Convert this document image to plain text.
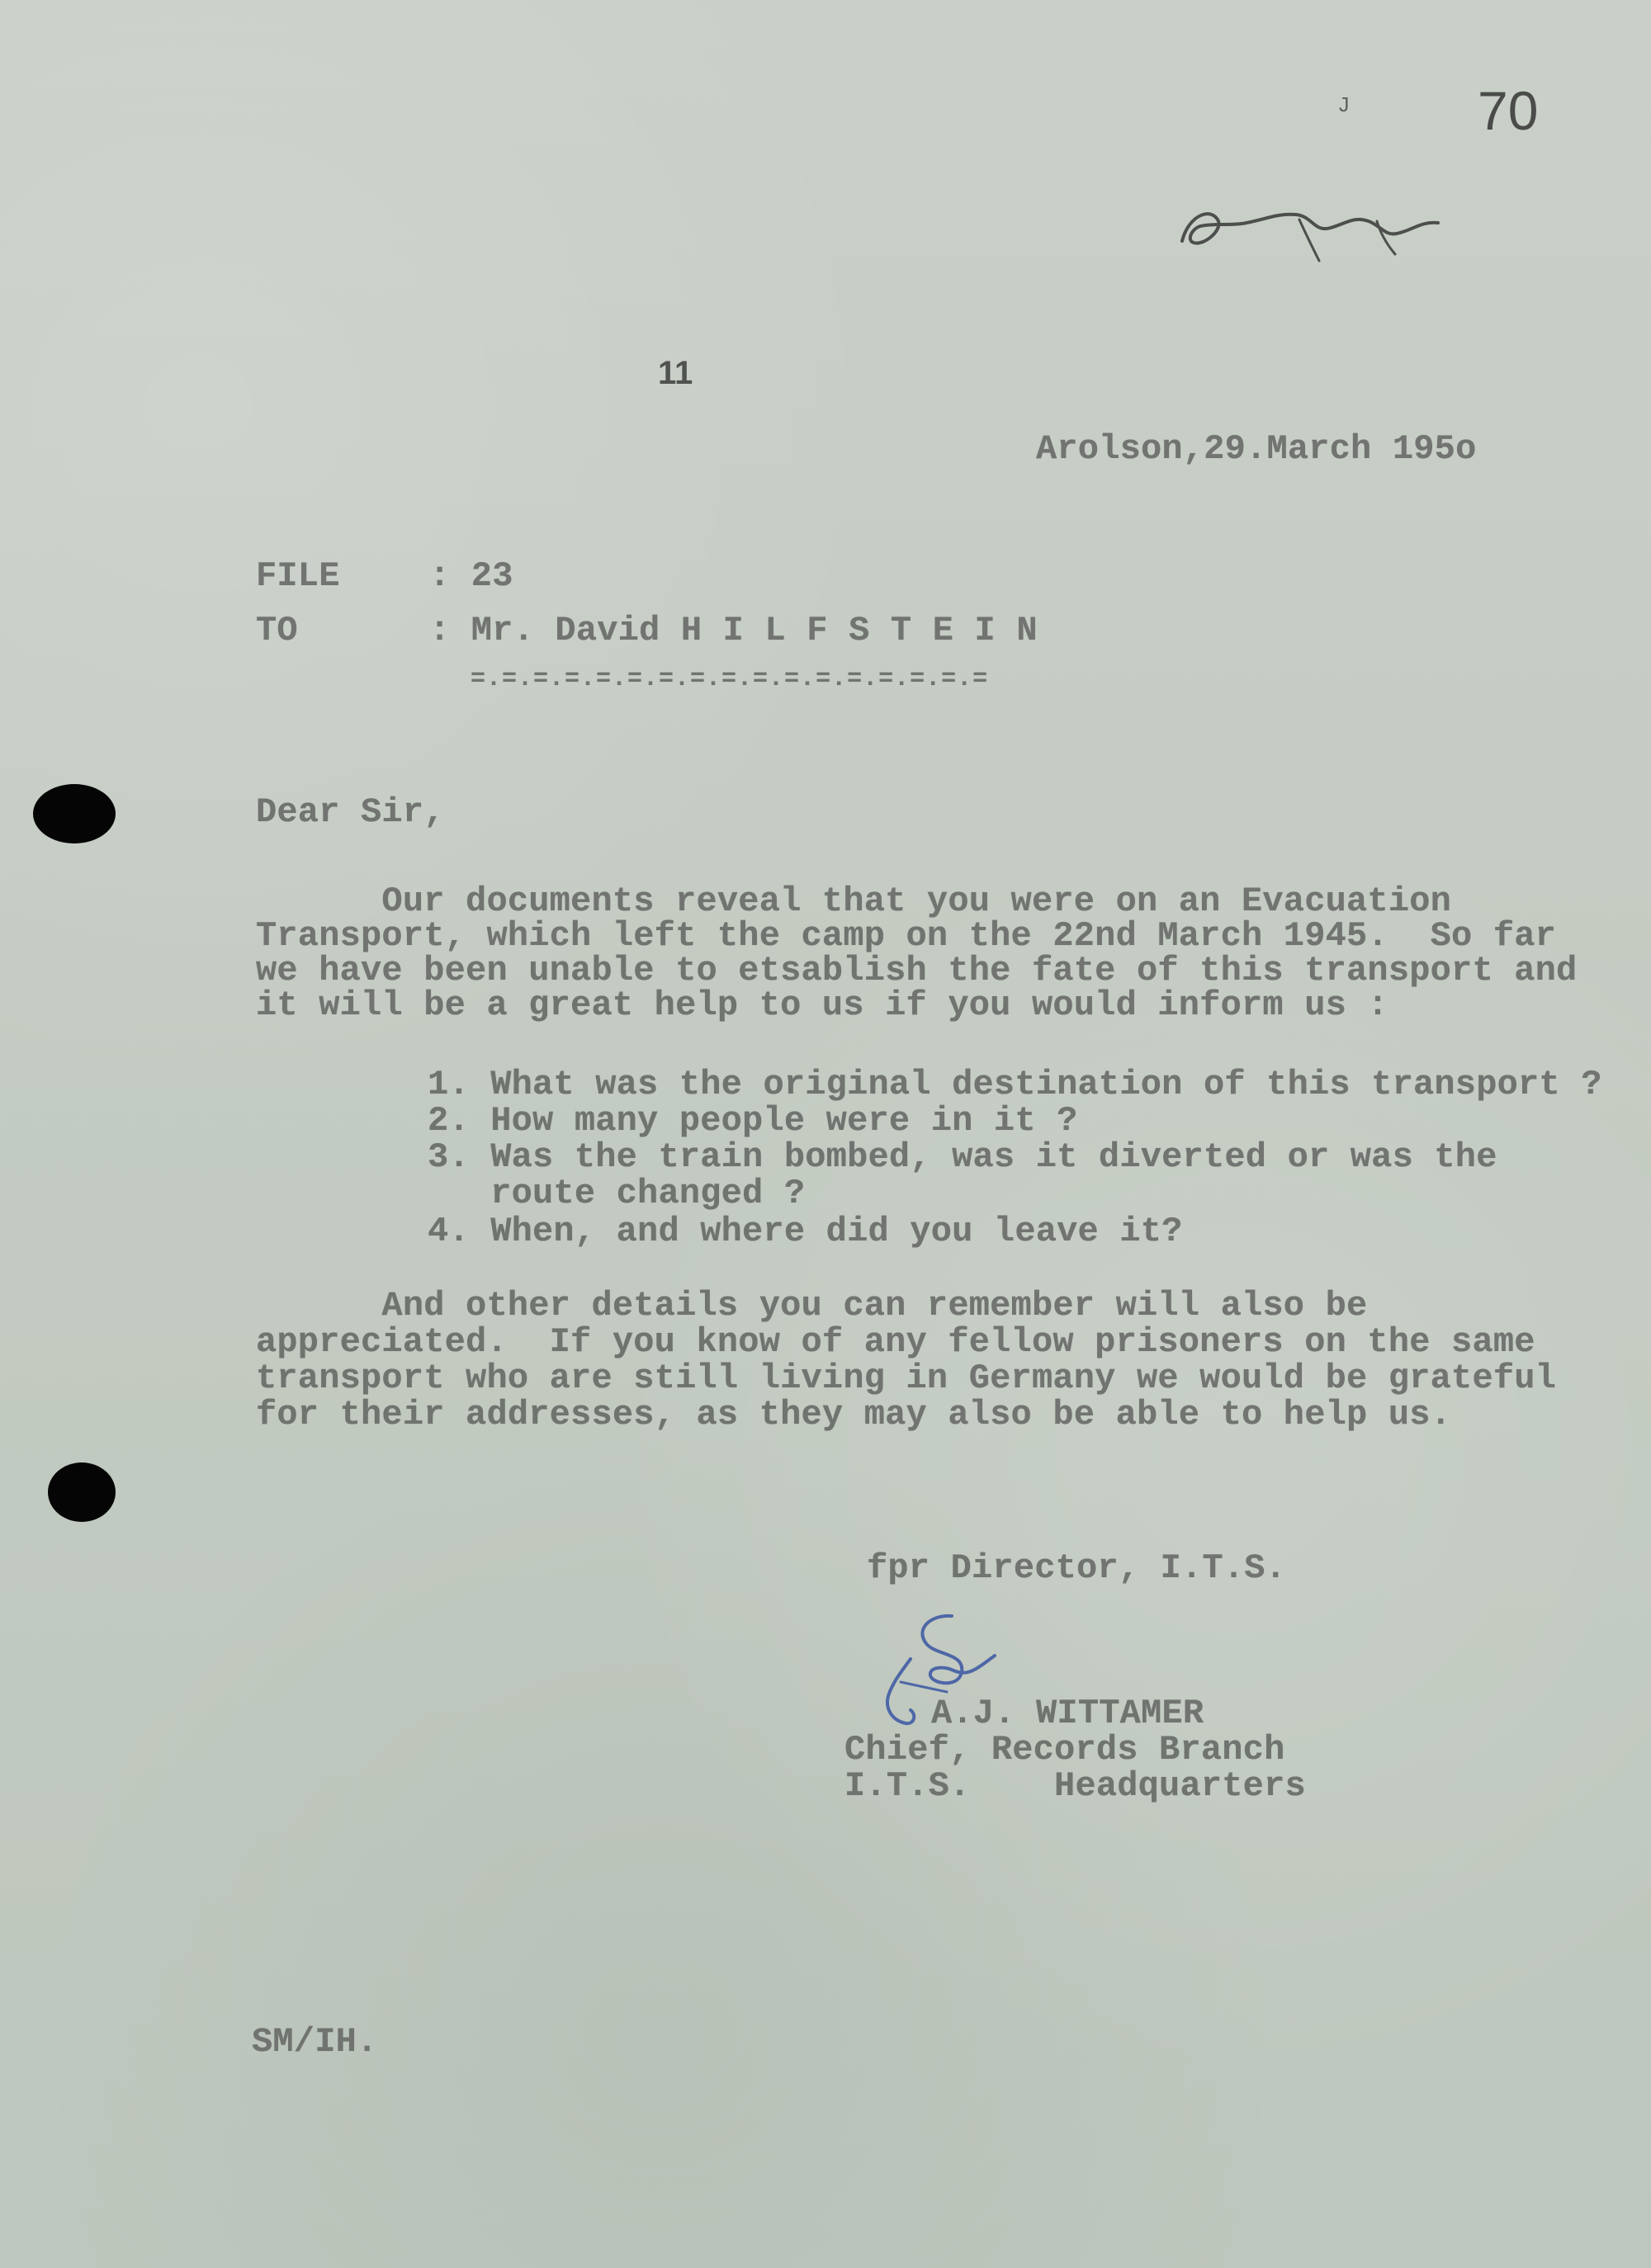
J 70
11
Arolson,29.March 195o
FILE	: 23
TO	: Mr. David H I L F S T E I N
=.=.=.=.=.=.=.=.=.=.=.=.=.=.=.=.=
Dear Sir,
Our documents reveal that you were on an Evacuation
Transport, which left the camp on the 22nd March 1945.  So far
we have been unable to etsablish the fate of this transport and
it will be a great help to us if you would inform us :
1. What was the original destination of this transport ?
2. How many people were in it ?
3. Was the train bombed, was it diverted or was the
route changed ?
4. When, and where did you leave it?
And other details you can remember will also be
appreciated.  If you know of any fellow prisoners on the same
transport who are still living in Germany we would be grateful
for their addresses, as they may also be able to help us.
fpr Director, I.T.S.
A.J. WITTAMER
Chief, Records Branch
I.T.S.    Headquarters
SM/IH.
